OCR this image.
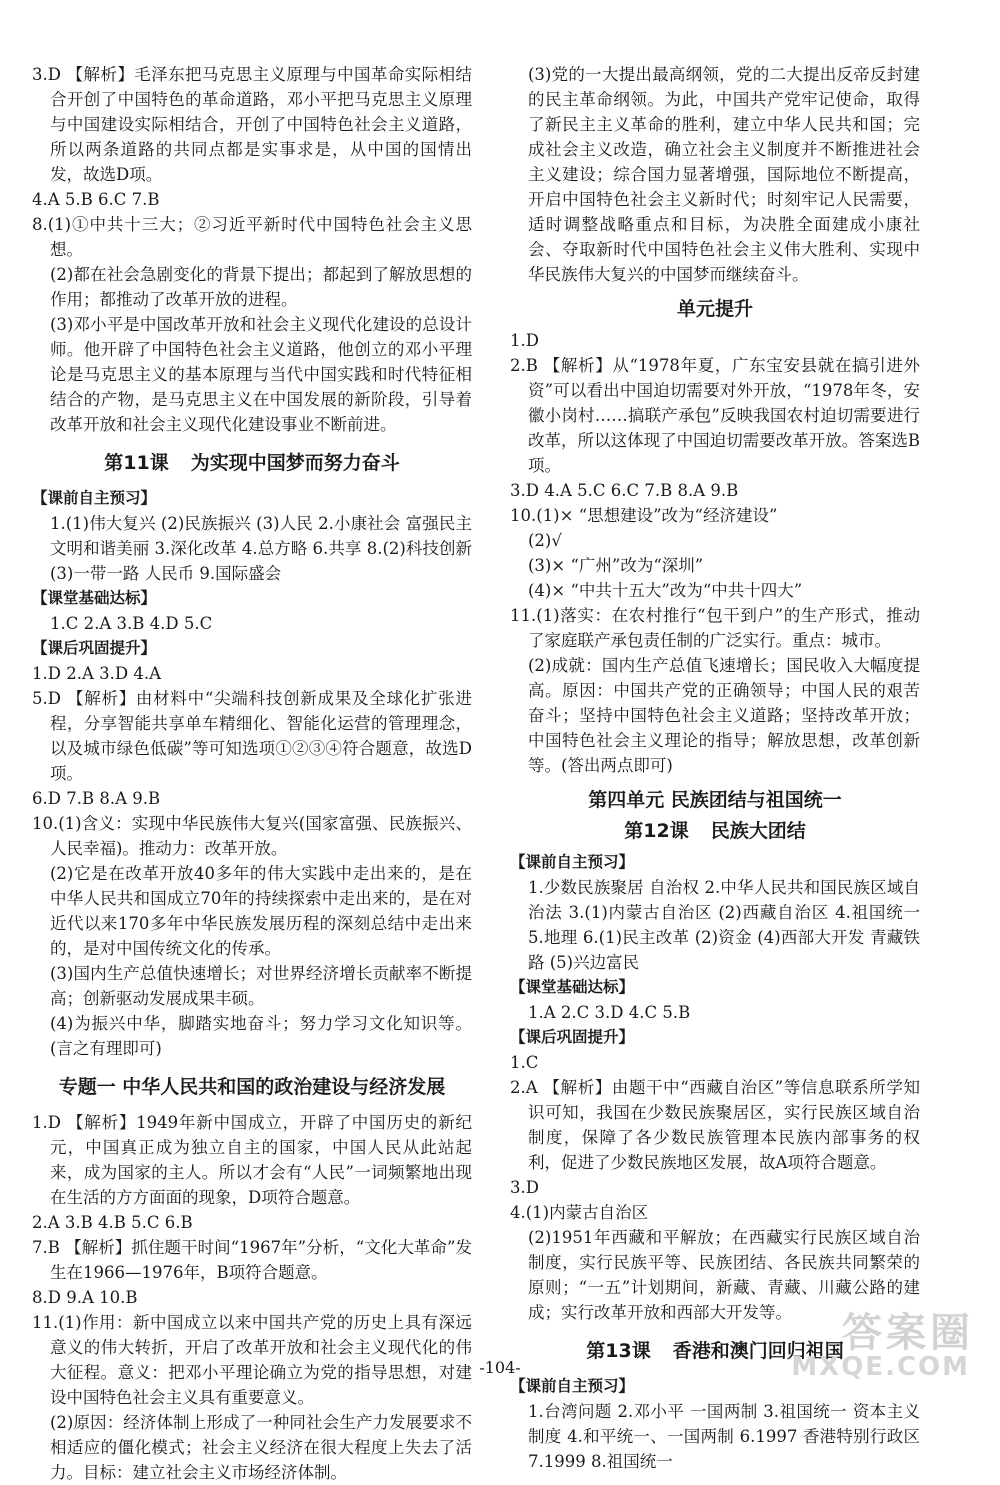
3.D 【解析】毛泽东把马克思主义原理与中国革命实际相结合开创了中国特色的革命道路，邓小平把马克思主义原理与中国建设实际相结合，开创了中国特色社会主义道路，所以两条道路的共同点都是实事求是，从中国的国情出发，故选D项。

4.A 5.B 6.C 7.B

8.(1)①中共十三大；②习近平新时代中国特色社会主义思想。

(2)都在社会急剧变化的背景下提出；都起到了解放思想的作用；都推动了改革开放的进程。

(3)邓小平是中国改革开放和社会主义现代化建设的总设计师。他开辟了中国特色社会主义道路，他创立的邓小平理论是马克思主义的基本原理与当代中国实践和时代特征相结合的产物，是马克思主义在中国发展的新阶段，引导着改革开放和社会主义现代化建设事业不断前进。

第11课 为实现中国梦而努力奋斗

【课前自主预习】

1.(1)伟大复兴 (2)民族振兴 (3)人民 2.小康社会 富强民主文明和谐美丽 3.深化改革 4.总方略 6.共享 8.(2)科技创新 (3)一带一路 人民币 9.国际盛会

【课堂基础达标】

1.C 2.A 3.B 4.D 5.C

【课后巩固提升】

1.D 2.A 3.D 4.A

5.D 【解析】由材料中“尖端科技创新成果及全球化扩张进程，分享智能共享单车精细化、智能化运营的管理理念，以及城市绿色低碳”等可知选项①②③④符合题意，故选D项。

6.D 7.B 8.A 9.B

10.(1)含义：实现中华民族伟大复兴(国家富强、民族振兴、人民幸福)。推动力：改革开放。

(2)它是在改革开放40多年的伟大实践中走出来的，是在中华人民共和国成立70年的持续探索中走出来的，是在对近代以来170多年中华民族发展历程的深刻总结中走出来的，是对中国传统文化的传承。

(3)国内生产总值快速增长；对世界经济增长贡献率不断提高；创新驱动发展成果丰硕。

(4)为振兴中华，脚踏实地奋斗；努力学习文化知识等。(言之有理即可)

专题一 中华人民共和国的政治建设与经济发展

1.D 【解析】1949年新中国成立，开辟了中国历史的新纪元，中国真正成为独立自主的国家，中国人民从此站起来，成为国家的主人。所以才会有“人民”一词频繁地出现在生活的方方面面的现象，D项符合题意。

2.A 3.B 4.B 5.C 6.B

7.B 【解析】抓住题干时间“1967年”分析，“文化大革命”发生在1966—1976年，B项符合题意。

8.D 9.A 10.B

11.(1)作用：新中国成立以来中国共产党的历史上具有深远意义的伟大转折，开启了改革开放和社会主义现代化的伟大征程。意义：把邓小平理论确立为党的指导思想，对建设中国特色社会主义具有重要意义。

(2)原因：经济体制上形成了一种同社会生产力发展要求不相适应的僵化模式；社会主义经济在很大程度上失去了活力。目标：建立社会主义市场经济体制。

(3)党的一大提出最高纲领，党的二大提出反帝反封建的民主革命纲领。为此，中国共产党牢记使命，取得了新民主主义革命的胜利，建立中华人民共和国；完成社会主义改造，确立社会主义制度并不断推进社会主义建设；综合国力显著增强，国际地位不断提高，开启中国特色社会主义新时代；时刻牢记人民需要，适时调整战略重点和目标，为决胜全面建成小康社会、夺取新时代中国特色社会主义伟大胜利、实现中华民族伟大复兴的中国梦而继续奋斗。

单元提升

1.D

2.B 【解析】从“1978年夏，广东宝安县就在搞引进外资”可以看出中国迫切需要对外开放，“1978年冬，安徽小岗村……搞联产承包”反映我国农村迫切需要进行改革，所以这体现了中国迫切需要改革开放。答案选B项。

3.D 4.A 5.C 6.C 7.B 8.A 9.B

10.(1)× “思想建设”改为“经济建设”

(2)√

(3)× “广州”改为“深圳”

(4)× “中共十五大”改为“中共十四大”

11.(1)落实：在农村推行“包干到户”的生产形式，推动了家庭联产承包责任制的广泛实行。重点：城市。

(2)成就：国内生产总值飞速增长；国民收入大幅度提高。原因：中国共产党的正确领导；中国人民的艰苦奋斗；坚持中国特色社会主义道路；坚持改革开放；中国特色社会主义理论的指导；解放思想，改革创新等。(答出两点即可)

第四单元 民族团结与祖国统一
第12课 民族大团结

【课前自主预习】

1.少数民族聚居 自治权 2.中华人民共和国民族区域自治法 3.(1)内蒙古自治区 (2)西藏自治区 4.祖国统一 5.地理 6.(1)民主改革 (2)资金 (4)西部大开发 青藏铁路 (5)兴边富民

【课堂基础达标】

1.A 2.C 3.D 4.C 5.B

【课后巩固提升】

1.C

2.A 【解析】由题干中“西藏自治区”等信息联系所学知识可知，我国在少数民族聚居区，实行民族区域自治制度，保障了各少数民族管理本民族内部事务的权利，促进了少数民族地区发展，故A项符合题意。

3.D

4.(1)内蒙古自治区

(2)1951年西藏和平解放；在西藏实行民族区域自治制度，实行民族平等、民族团结、各民族共同繁荣的原则；“一五”计划期间，新藏、青藏、川藏公路的建成；实行改革开放和西部大开发等。

第13课 香港和澳门回归祖国

【课前自主预习】

1.台湾问题 2.邓小平 一国两制 3.祖国统一 资本主义制度 4.和平统一、一国两制 6.1997 香港特别行政区 7.1999 8.祖国统一

-104-
答案圈
MXQE.COM
